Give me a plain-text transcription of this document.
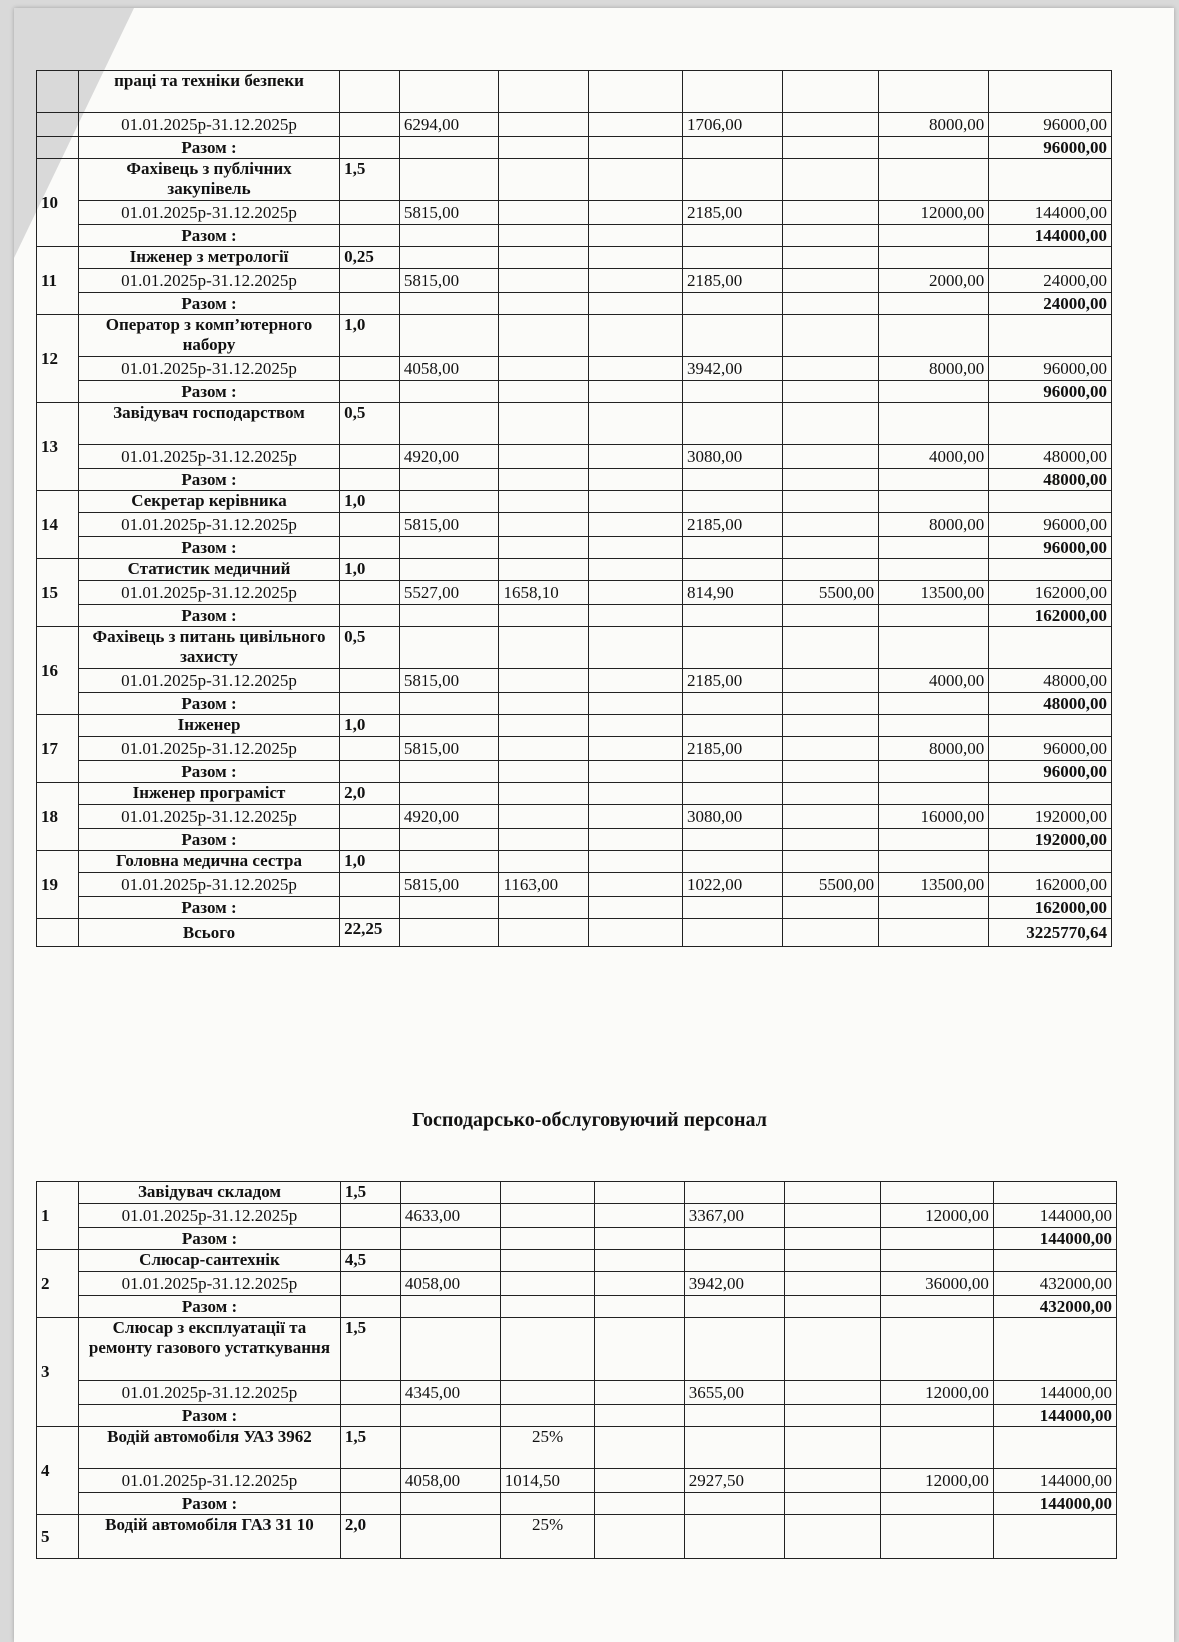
	праці та техніки безпеки								
	01.01.2025р-31.12.2025р		6294,00			1706,00		8000,00	96000,00
	Разом :								96000,00
10	Фахівець з публічних закупівель	1,5							
	01.01.2025р-31.12.2025р		5815,00			2185,00		12000,00	144000,00
	Разом :								144000,00
11	Інженер з метрології	0,25							
	01.01.2025р-31.12.2025р		5815,00			2185,00		2000,00	24000,00
	Разом :								24000,00
12	Оператор з комп’ютерного набору	1,0							
	01.01.2025р-31.12.2025р		4058,00			3942,00		8000,00	96000,00
	Разом :								96000,00
13	Завідувач господарством	0,5							
	01.01.2025р-31.12.2025р		4920,00			3080,00		4000,00	48000,00
	Разом :								48000,00
14	Секретар керівника	1,0							
	01.01.2025р-31.12.2025р		5815,00			2185,00		8000,00	96000,00
	Разом :								96000,00
15	Статистик медичний	1,0							
	01.01.2025р-31.12.2025р		5527,00	1658,10		814,90	5500,00	13500,00	162000,00
	Разом :								162000,00
16	Фахівець з питань цивільного захисту	0,5							
	01.01.2025р-31.12.2025р		5815,00			2185,00		4000,00	48000,00
	Разом :								48000,00
17	Інженер	1,0							
	01.01.2025р-31.12.2025р		5815,00			2185,00		8000,00	96000,00
	Разом :								96000,00
18	Інженер програміст	2,0							
	01.01.2025р-31.12.2025р		4920,00			3080,00		16000,00	192000,00
	Разом :								192000,00
19	Головна медична сестра	1,0							
	01.01.2025р-31.12.2025р		5815,00	1163,00		1022,00	5500,00	13500,00	162000,00
	Разом :								162000,00
	Всього	22,25							3225770,64
Господарсько-обслуговуючий персонал
1	Завідувач складом	1,5							
	01.01.2025р-31.12.2025р		4633,00			3367,00		12000,00	144000,00
	Разом :								144000,00
2	Слюсар-сантехнік	4,5							
	01.01.2025р-31.12.2025р		4058,00			3942,00		36000,00	432000,00
	Разом :								432000,00
3	Слюсар з експлуатації та ремонту газового устаткування	1,5							
	01.01.2025р-31.12.2025р		4345,00			3655,00		12000,00	144000,00
	Разом :								144000,00
4	Водій автомобіля УАЗ 3962	1,5		25%					
	01.01.2025р-31.12.2025р		4058,00	1014,50		2927,50		12000,00	144000,00
	Разом :								144000,00
5	Водій автомобіля ГАЗ 31 10	2,0		25%					
